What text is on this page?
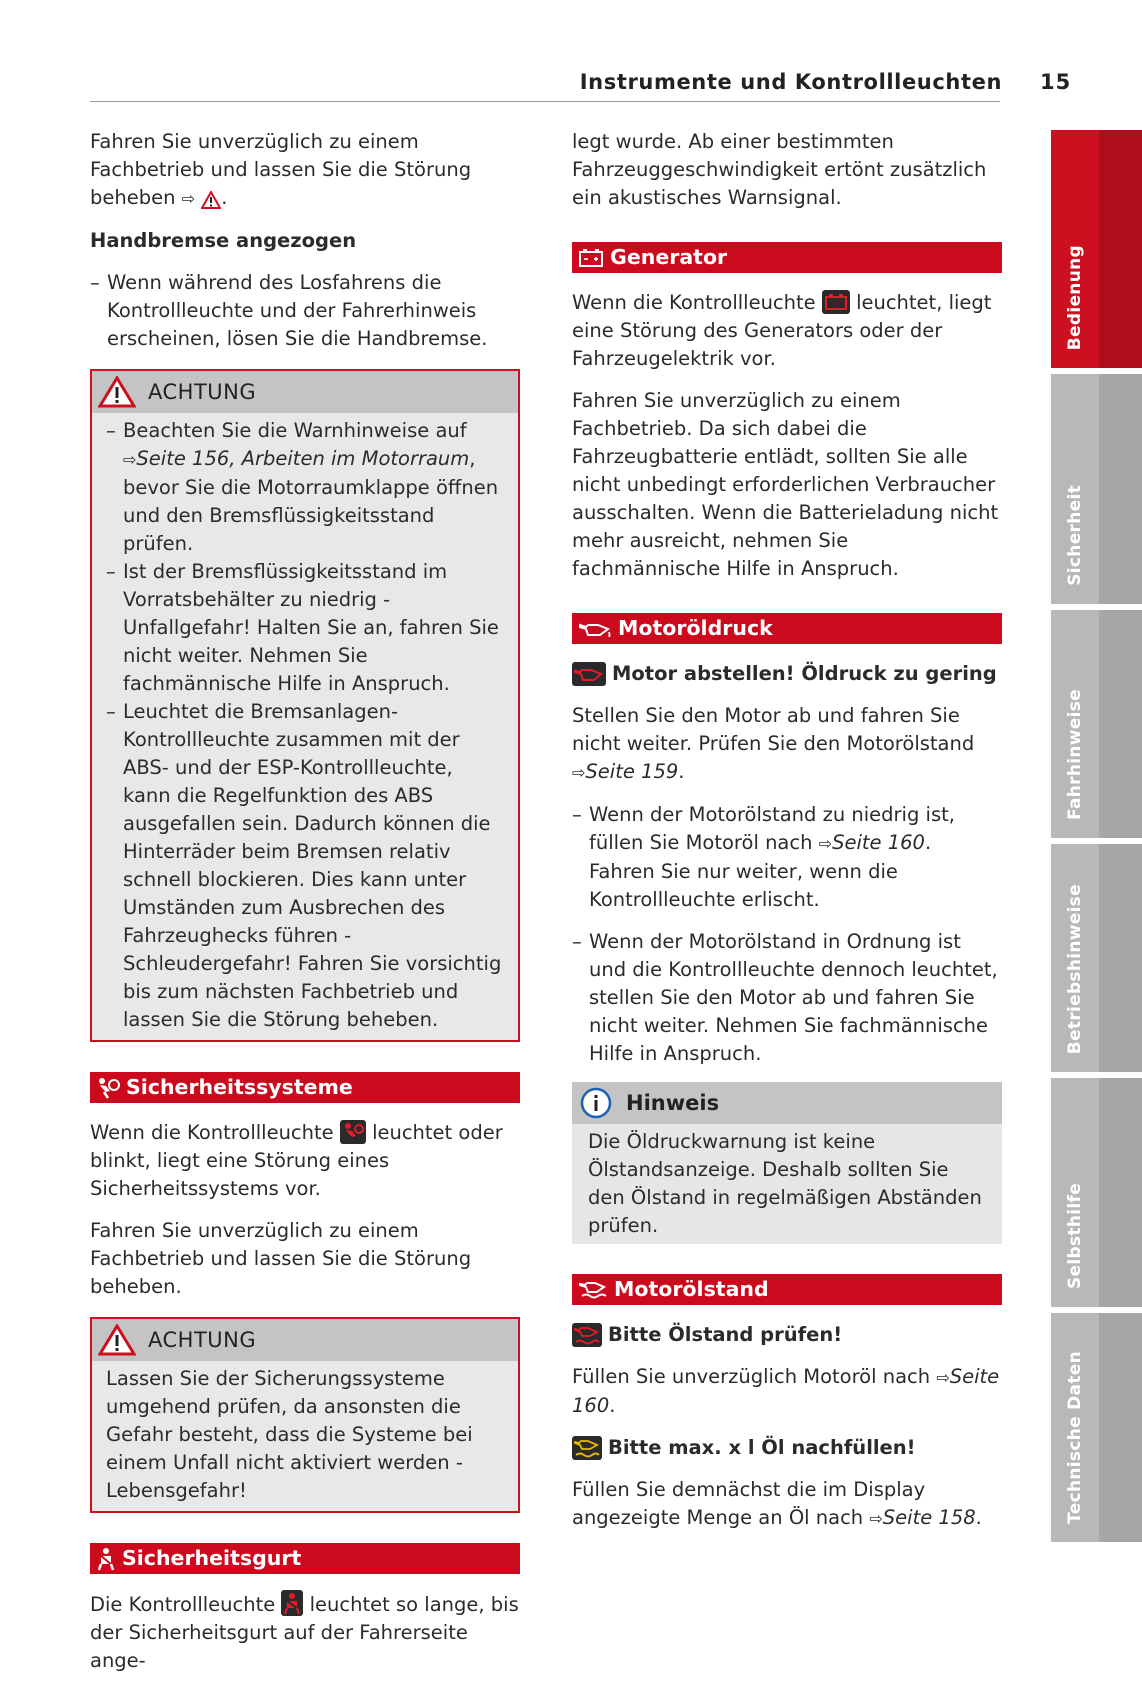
Instrumente und Kontrollleuchten 15

Fahren Sie unverzüglich zu einem Fachbetrieb und lassen Sie die Störung beheben ⇨ .

Handbremse angezogen

– Wenn während des Losfahrens die Kontrollleuchte und der Fahrerhinweis erscheinen, lösen Sie die Handbremse.
ACHTUNG
– Beachten Sie die Warnhinweise auf ⇨Seite 156, Arbeiten im Motorraum, bevor Sie die Motorraumklappe öffnen und den Bremsflüssigkeitsstand prüfen.
– Ist der Bremsflüssigkeitsstand im Vorratsbehälter zu niedrig - Unfallgefahr! Halten Sie an, fahren Sie nicht weiter. Nehmen Sie fachmännische Hilfe in Anspruch.
– Leuchtet die Bremsanlagen-Kontrollleuchte zusammen mit der ABS- und der ESP-Kontrollleuchte, kann die Regelfunktion des ABS ausgefallen sein. Dadurch können die Hinterräder beim Bremsen relativ schnell blockieren. Dies kann unter Umständen zum Ausbrechen des Fahrzeughecks führen - Schleudergefahr! Fahren Sie vorsichtig bis zum nächsten Fachbetrieb und lassen Sie die Störung beheben.
Sicherheitssysteme

Wenn die Kontrollleuchte leuchtet oder blinkt, liegt eine Störung eines Sicherheitssystems vor.

Fahren Sie unverzüglich zu einem Fachbetrieb und lassen Sie die Störung beheben.

ACHTUNG

Lassen Sie der Sicherungssysteme umgehend prüfen, da ansonsten die Gefahr besteht, dass die Systeme bei einem Unfall nicht aktiviert werden - Lebensgefahr!

Sicherheitsgurt

Die Kontrollleuchte leuchtet so lange, bis der Sicherheitsgurt auf der Fahrerseite ange-

legt wurde. Ab einer bestimmten Fahrzeuggeschwindigkeit ertönt zusätzlich ein akustisches Warnsignal.

Generator

Wenn die Kontrollleuchte leuchtet, liegt eine Störung des Generators oder der Fahrzeugelektrik vor.

Fahren Sie unverzüglich zu einem Fachbetrieb. Da sich dabei die Fahrzeugbatterie entlädt, sollten Sie alle nicht unbedingt erforderlichen Verbraucher ausschalten. Wenn die Batterieladung nicht mehr ausreicht, nehmen Sie fachmännische Hilfe in Anspruch.

Motoröldruck
Motor abstellen! Öldruck zu gering

Stellen Sie den Motor ab und fahren Sie nicht weiter. Prüfen Sie den Motorölstand ⇨Seite 159.

– Wenn der Motorölstand zu niedrig ist, füllen Sie Motoröl nach ⇨Seite 160. Fahren Sie nur weiter, wenn die Kontrollleuchte erlischt.
– Wenn der Motorölstand in Ordnung ist und die Kontrollleuchte dennoch leuchtet, stellen Sie den Motor ab und fahren Sie nicht weiter. Nehmen Sie fachmännische Hilfe in Anspruch.
Hinweis

Die Öldruckwarnung ist keine Ölstandsanzeige. Deshalb sollten Sie den Ölstand in regelmäßigen Abständen prüfen.

Motorölstand
Bitte Ölstand prüfen!

Füllen Sie unverzüglich Motoröl nach ⇨Seite 160.

Bitte max. x l Öl nachfüllen!

Füllen Sie demnächst die im Display angezeigte Menge an Öl nach ⇨Seite 158.

Bedienung
Sicherheit
Fahrhinweise
Betriebshinweise
Selbsthilfe
Technische Daten
